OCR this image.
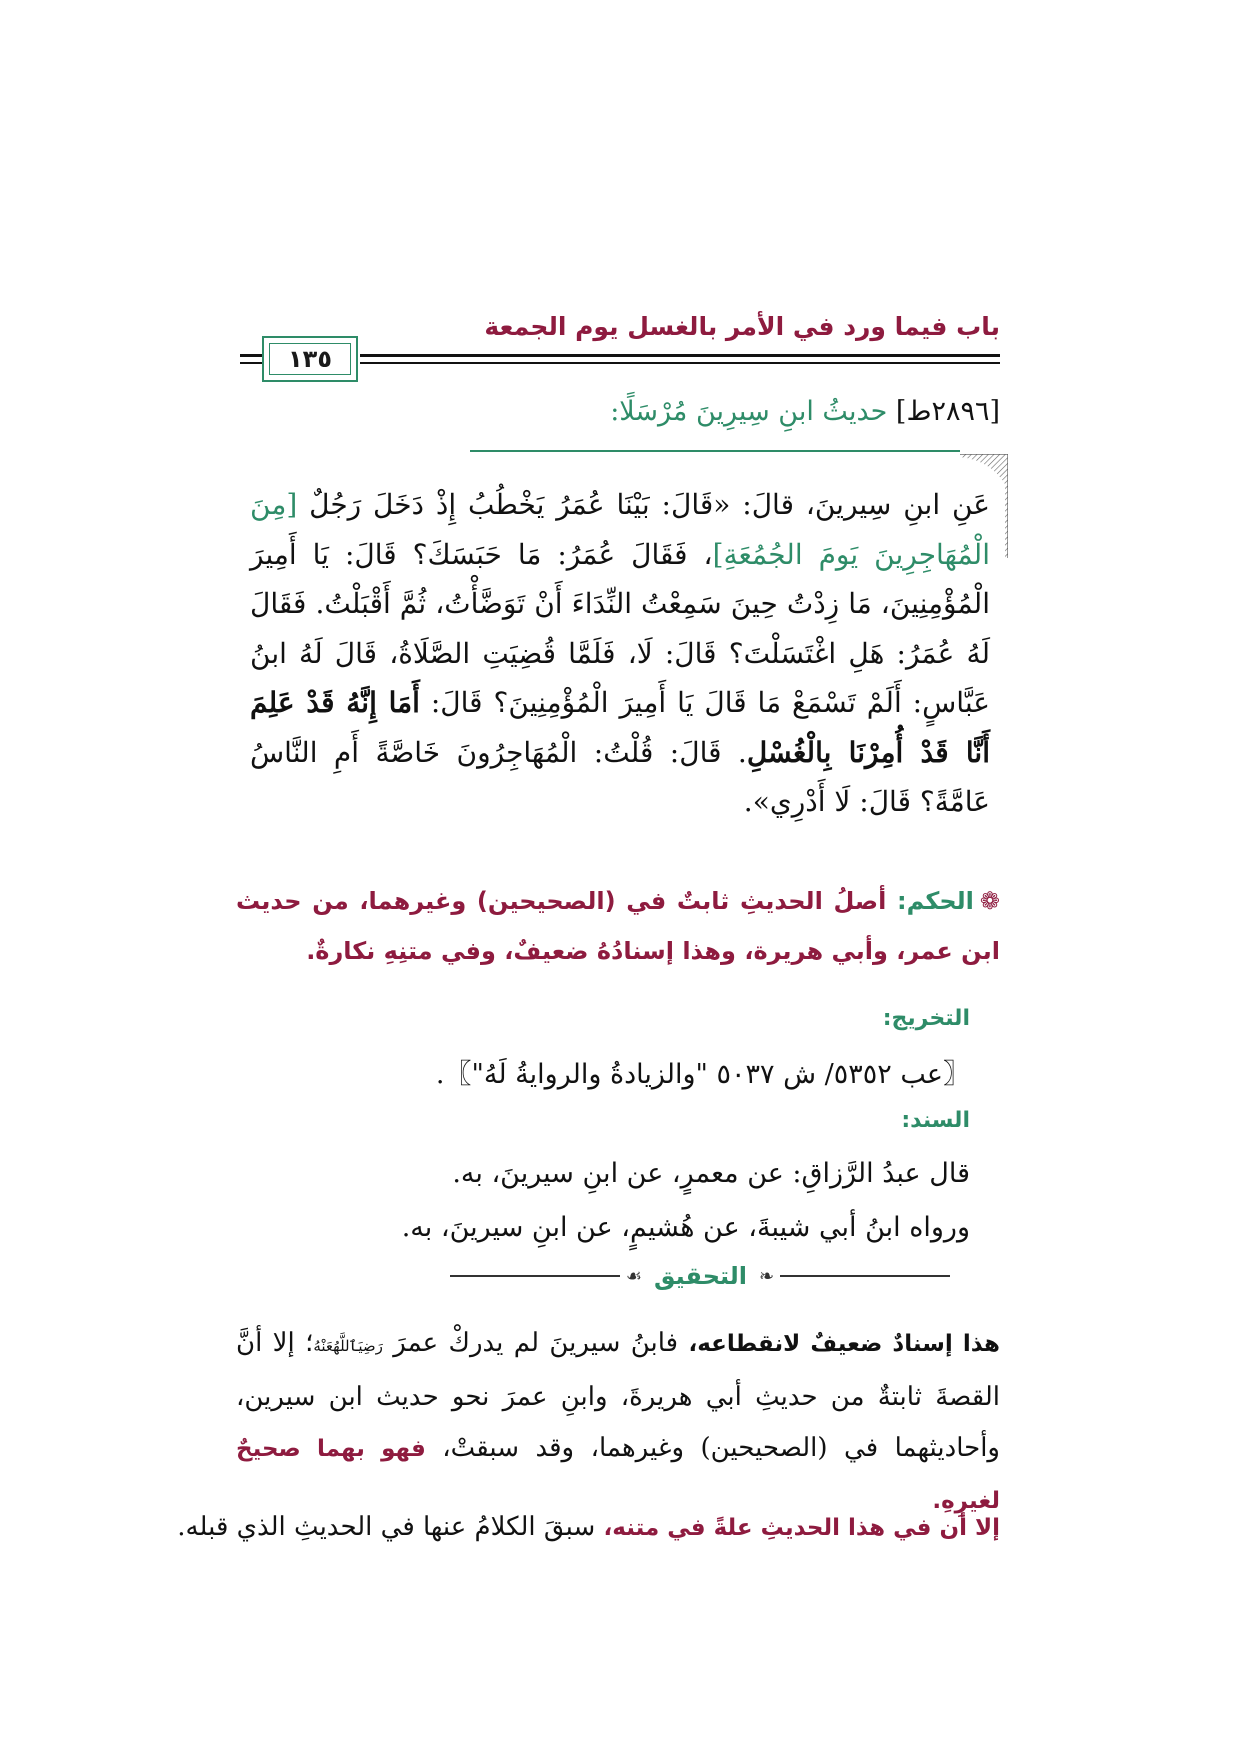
باب فيما ورد في الأمر بالغسل يوم الجمعة
١٣٥
[٢٨٩٦ط] حديثُ ابنِ سِيرِينَ مُرْسَلًا:
عَنِ ابنِ سِيرينَ، قالَ: «قَالَ: بَيْنَا عُمَرُ يَخْطُبُ إِذْ دَخَلَ رَجُلٌ [مِنَ الْمُهَاجِرِينَ يَومَ الجُمُعَةِ]، فَقَالَ عُمَرُ: مَا حَبَسَكَ؟ قَالَ: يَا أَمِيرَ الْمُؤْمِنِينَ، مَا زِدْتُ حِينَ سَمِعْتُ النِّدَاءَ أَنْ تَوَضَّأْتُ، ثُمَّ أَقْبَلْتُ. فَقَالَ لَهُ عُمَرُ: هَلِ اغْتَسَلْتَ؟ قَالَ: لَا، فَلَمَّا قُضِيَتِ الصَّلَاةُ، قَالَ لَهُ ابنُ عَبَّاسٍ: أَلَمْ تَسْمَعْ مَا قَالَ يَا أَمِيرَ الْمُؤْمِنِينَ؟ قَالَ: أَمَا إِنَّهُ قَدْ عَلِمَ أَنَّا قَدْ أُمِرْنَا بِالْغُسْلِ. قَالَ: قُلْتُ: الْمُهَاجِرُونَ خَاصَّةً أَمِ النَّاسُ عَامَّةً؟ قَالَ: لَا أَدْرِي».
❁الحكم: أصلُ الحديثِ ثابتٌ في (الصحيحين) وغيرهما، من حديث ابن عمر، وأبي هريرة، وهذا إسنادُهُ ضعيفٌ، وفي متنِهِ نكارةٌ.
التخريج:
〖عب ٥٣٥٢/ ش ٥٠٣٧ "والزيادةُ والروايةُ لَهُ"〗.
السند:
قال عبدُ الرَّزاقِ: عن معمرٍ، عن ابنِ سيرينَ، به.
ورواه ابنُ أبي شيبةَ، عن هُشيمٍ، عن ابنِ سيرينَ، به.
❧
التحقيق
☙
هذا إسنادٌ ضعيفٌ لانقطاعه، فابنُ سيرينَ لم يدركْ عمرَ رَضِيَٱللَّهُعَنْهُ؛ إلا أنَّ القصةَ ثابتةٌ من حديثِ أبي هريرةَ، وابنِ عمرَ نحو حديث ابن سيرين، وأحاديثهما في (الصحيحين) وغيرهما، وقد سبقتْ، فهو بهما صحيحٌ لغيرِهِ.
إلا أن في هذا الحديثِ علةً في متنه، سبقَ الكلامُ عنها في الحديثِ الذي قبله.
